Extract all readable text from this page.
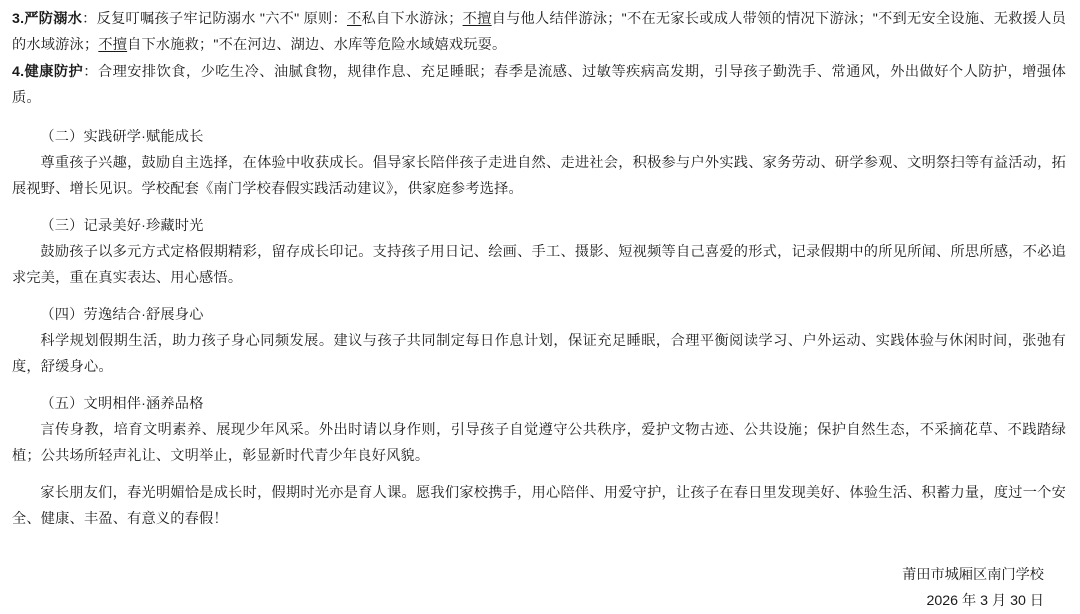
3.严防溺水：反复叮嘱孩子牢记防溺水 "六不" 原则：不私自下水游泳；不擅自与他人结伴游泳；"不在无家长或成人带领的情况下游泳；"不到无安全设施、无救援人员的水域游泳；不擅自下水施救；"不在河边、湖边、水库等危险水域嬉戏玩耍。

4.健康防护：合理安排饮食，少吃生冷、油腻食物，规律作息、充足睡眠；春季是流感、过敏等疾病高发期，引导孩子勤洗手、常通风，外出做好个人防护，增强体质。

（二）实践研学·赋能成长

尊重孩子兴趣，鼓励自主选择，在体验中收获成长。倡导家长陪伴孩子走进自然、走进社会，积极参与户外实践、家务劳动、研学参观、文明祭扫等有益活动，拓展视野、增长见识。学校配套《南门学校春假实践活动建议》，供家庭参考选择。

（三）记录美好·珍藏时光

鼓励孩子以多元方式定格假期精彩，留存成长印记。支持孩子用日记、绘画、手工、摄影、短视频等自己喜爱的形式，记录假期中的所见所闻、所思所感，不必追求完美，重在真实表达、用心感悟。

（四）劳逸结合·舒展身心

科学规划假期生活，助力孩子身心同频发展。建议与孩子共同制定每日作息计划，保证充足睡眠，合理平衡阅读学习、户外运动、实践体验与休闲时间，张弛有度，舒缓身心。

（五）文明相伴·涵养品格

言传身教，培育文明素养、展现少年风采。外出时请以身作则，引导孩子自觉遵守公共秩序，爱护文物古迹、公共设施；保护自然生态，不采摘花草、不践踏绿植；公共场所轻声礼让、文明举止，彰显新时代青少年良好风貌。

家长朋友们，春光明媚恰是成长时，假期时光亦是育人课。愿我们家校携手，用心陪伴、用爱守护，让孩子在春日里发现美好、体验生活、积蓄力量，度过一个安全、健康、丰盈、有意义的春假！

莆田市城厢区南门学校
2026 年 3 月 30 日
